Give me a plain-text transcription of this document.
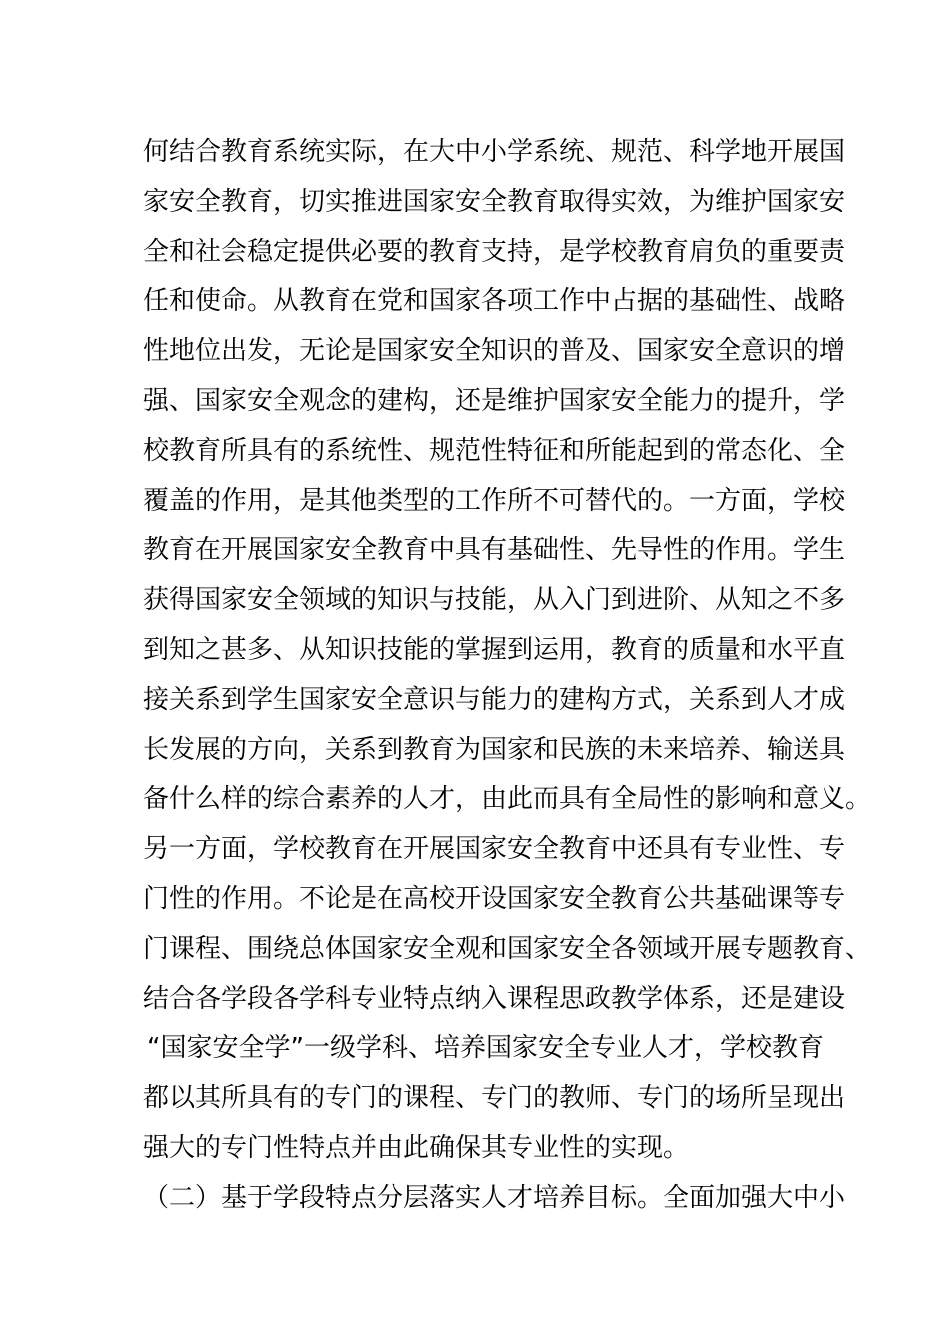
何结合教育系统实际，在大中小学系统、规范、科学地开展国
家安全教育，切实推进国家安全教育取得实效，为维护国家安
全和社会稳定提供必要的教育支持，是学校教育肩负的重要责
任和使命。从教育在党和国家各项工作中占据的基础性、战略
性地位出发，无论是国家安全知识的普及、国家安全意识的增
强、国家安全观念的建构，还是维护国家安全能力的提升，学
校教育所具有的系统性、规范性特征和所能起到的常态化、全
覆盖的作用，是其他类型的工作所不可替代的。一方面，学校
教育在开展国家安全教育中具有基础性、先导性的作用。学生
获得国家安全领域的知识与技能，从入门到进阶、从知之不多
到知之甚多、从知识技能的掌握到运用，教育的质量和水平直
接关系到学生国家安全意识与能力的建构方式，关系到人才成
长发展的方向，关系到教育为国家和民族的未来培养、输送具
备什么样的综合素养的人才，由此而具有全局性的影响和意义。
另一方面，学校教育在开展国家安全教育中还具有专业性、专
门性的作用。不论是在高校开设国家安全教育公共基础课等专
门课程、围绕总体国家安全观和国家安全各领域开展专题教育、
结合各学段各学科专业特点纳入课程思政教学体系，还是建设
“国家安全学”一级学科、培养国家安全专业人才，学校教育
都以其所具有的专门的课程、专门的教师、专门的场所呈现出
强大的专门性特点并由此确保其专业性的实现。
（二）基于学段特点分层落实人才培养目标。全面加强大中小
